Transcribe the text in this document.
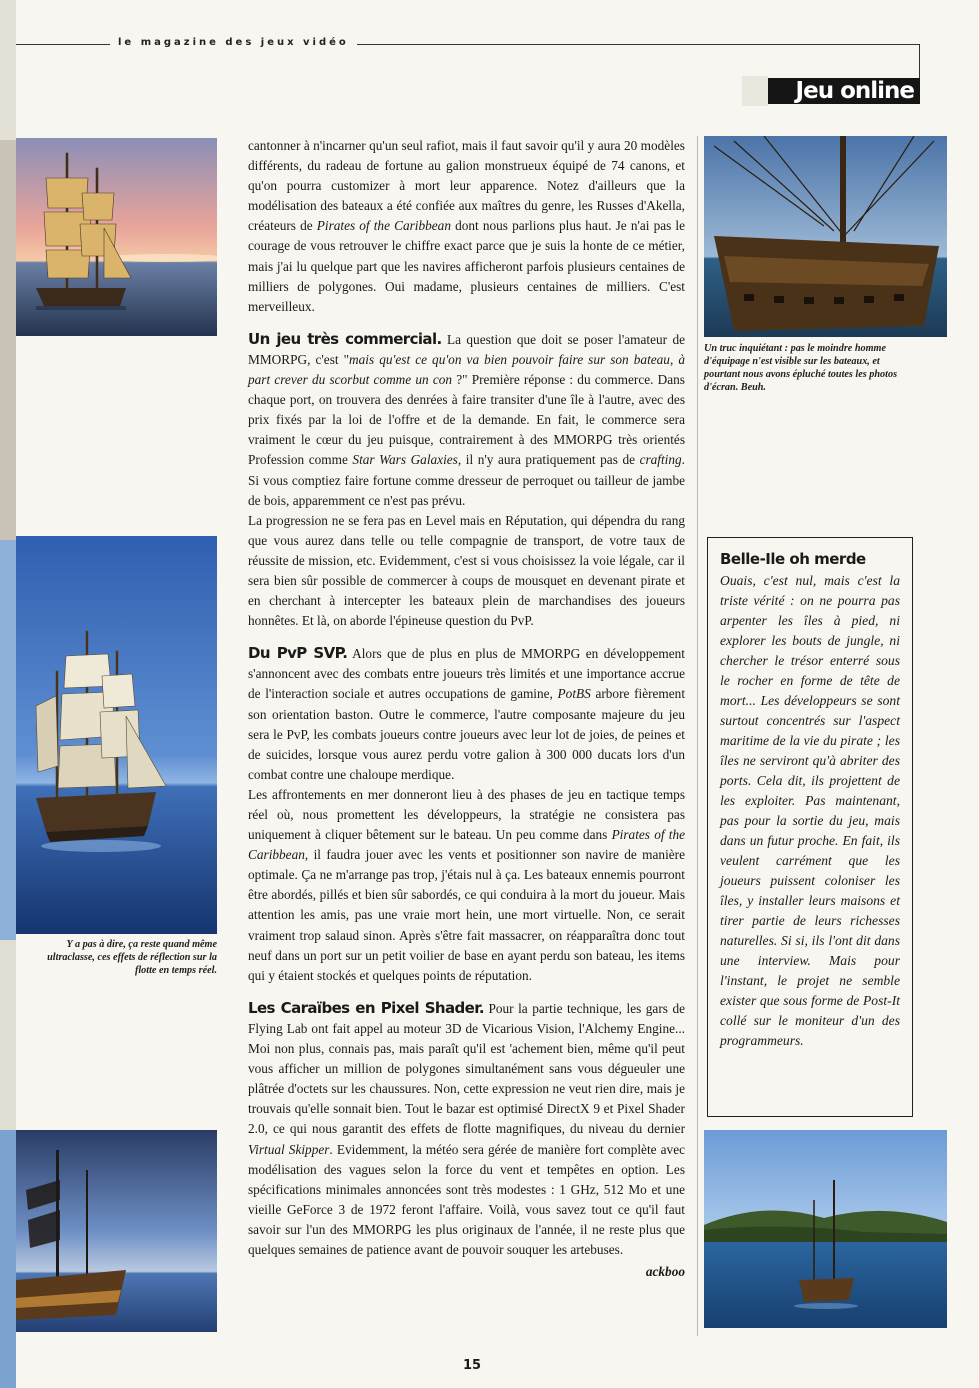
le magazine des jeux vidéo
Jeu online
Y a pas à dire, ça reste quand même ultraclasse, ces effets de réflection sur la flotte en temps réel.
Un truc inquiétant : pas le moindre homme d'équipage n'est visible sur les bateaux, et pourtant nous avons épluché toutes les photos d'écran. Beuh.

cantonner à n'incarner qu'un seul rafiot, mais il faut savoir qu'il y aura 20 modèles différents, du radeau de fortune au galion monstrueux équipé de 74 canons, et qu'on pourra customizer à mort leur apparence. Notez d'ailleurs que la modélisation des bateaux a été confiée aux maîtres du genre, les Russes d'Akella, créateurs de Pirates of the Caribbean dont nous parlions plus haut. Je n'ai pas le courage de vous retrouver le chiffre exact parce que je suis la honte de ce métier, mais j'ai lu quelque part que les navires afficheront parfois plusieurs centaines de milliers de polygones. Oui madame, plusieurs centaines de milliers. C'est merveilleux.

Un jeu très commercial. La question que doit se poser l'amateur de MMORPG, c'est "mais qu'est ce qu'on va bien pouvoir faire sur son bateau, à part crever du scorbut comme un con ?" Première réponse : du commerce. Dans chaque port, on trouvera des denrées à faire transiter d'une île à l'autre, avec des prix fixés par la loi de l'offre et de la demande. En fait, le commerce sera vraiment le cœur du jeu puisque, contrairement à des MMORPG très orientés Profession comme Star Wars Galaxies, il n'y aura pratiquement pas de crafting. Si vous comptiez faire fortune comme dresseur de perroquet ou tailleur de jambe de bois, apparemment ce n'est pas prévu.

La progression ne se fera pas en Level mais en Réputation, qui dépendra du rang que vous aurez dans telle ou telle compagnie de transport, de votre taux de réussite de mission, etc. Evidemment, c'est si vous choisissez la voie légale, car il sera bien sûr possible de commercer à coups de mousquet en devenant pirate et en cherchant à intercepter les bateaux plein de marchandises des joueurs honnêtes. Et là, on aborde l'épineuse question du PvP.

Du PvP SVP. Alors que de plus en plus de MMORPG en développement s'annoncent avec des combats entre joueurs très limités et une importance accrue de l'interaction sociale et autres occupations de gamine, PotBS arbore fièrement son orientation baston. Outre le commerce, l'autre composante majeure du jeu sera le PvP, les combats joueurs contre joueurs avec leur lot de joies, de peines et de suicides, lorsque vous aurez perdu votre galion à 300 000 ducats lors d'un combat contre une chaloupe merdique.

Les affrontements en mer donneront lieu à des phases de jeu en tactique temps réel où, nous promettent les développeurs, la stratégie ne consistera pas uniquement à cliquer bêtement sur le bateau. Un peu comme dans Pirates of the Caribbean, il faudra jouer avec les vents et positionner son navire de manière optimale. Ça ne m'arrange pas trop, j'étais nul à ça. Les bateaux ennemis pourront être abordés, pillés et bien sûr sabordés, ce qui conduira à la mort du joueur. Mais attention les amis, pas une vraie mort hein, une mort virtuelle. Non, ce serait vraiment trop salaud sinon. Après s'être fait massacrer, on réapparaîtra donc tout neuf dans un port sur un petit voilier de base en ayant perdu son bateau, les items qui y étaient stockés et quelques points de réputation.

Les Caraïbes en Pixel Shader. Pour la partie technique, les gars de Flying Lab ont fait appel au moteur 3D de Vicarious Vision, l'Alchemy Engine... Moi non plus, connais pas, mais paraît qu'il est 'achement bien, même qu'il peut vous afficher un million de polygones simultanément sans vous dégueuler une plâtrée d'octets sur les chaussures. Non, cette expression ne veut rien dire, mais je trouvais qu'elle sonnait bien. Tout le bazar est optimisé DirectX 9 et Pixel Shader 2.0, ce qui nous garantit des effets de flotte magnifiques, du niveau du dernier Virtual Skipper. Evidemment, la météo sera gérée de manière fort complète avec modélisation des vagues selon la force du vent et tempêtes en option. Les spécifications minimales annoncées sont très modestes : 1 GHz, 512 Mo et une vieille GeForce 3 de 1972 feront l'affaire. Voilà, vous savez tout ce qu'il faut savoir sur l'un des MMORPG les plus originaux de l'année, il ne reste plus que quelques semaines de patience avant de pouvoir souquer les artebuses.

ackboo

Belle-Ile oh merde
Ouais, c'est nul, mais c'est la triste vérité : on ne pourra pas arpenter les îles à pied, ni explorer les bouts de jungle, ni chercher le trésor enterré sous le rocher en forme de tête de mort... Les développeurs se sont surtout concentrés sur l'aspect maritime de la vie du pirate ; les îles ne serviront qu'à abriter des ports. Cela dit, ils projettent de les exploiter. Pas maintenant, pas pour la sortie du jeu, mais dans un futur proche. En fait, ils veulent carrément que les joueurs puissent coloniser les îles, y installer leurs maisons et tirer partie de leurs richesses naturelles. Si si, ils l'ont dit dans une interview. Mais pour l'instant, le projet ne semble exister que sous forme de Post-It collé sur le moniteur d'un des programmeurs.
15
